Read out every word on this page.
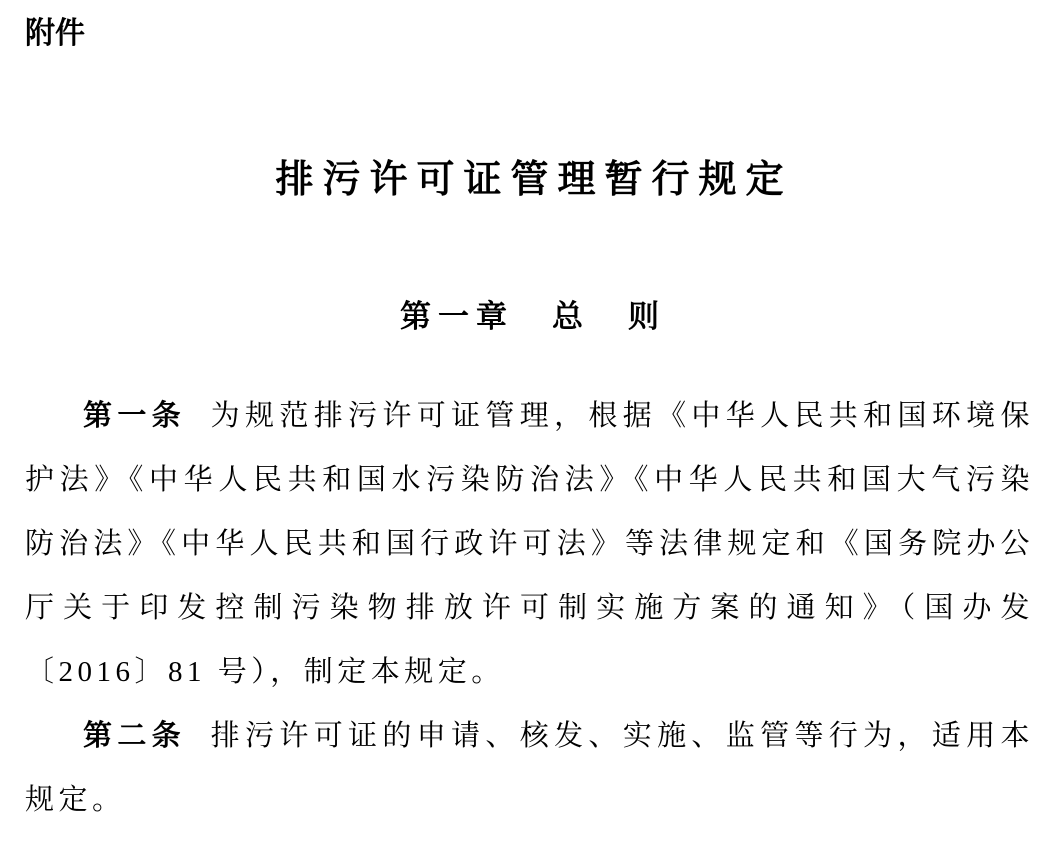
附件
排污许可证管理暂行规定
第一章　总　则

第一条 为规范排污许可证管理，根据《中华人民共和国环境保护法》《中华人民共和国水污染防治法》《中华人民共和国大气污染防治法》《中华人民共和国行政许可法》等法律规定和《国务院办公厅关于印发控制污染物排放许可制实施方案的通知》（国办发〔2016〕81 号），制定本规定。

第二条 排污许可证的申请、核发、实施、监管等行为，适用本规定。
